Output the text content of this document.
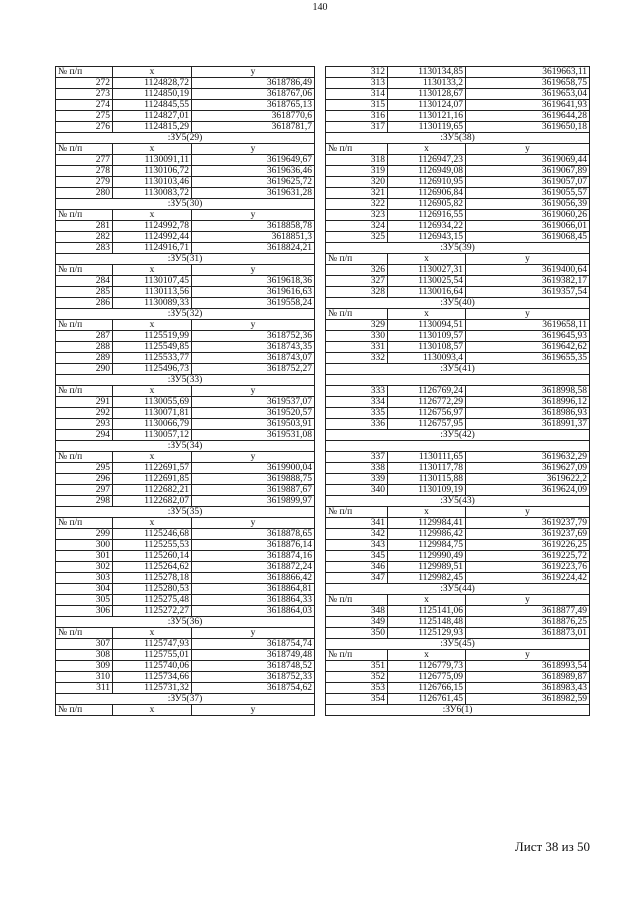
140
№ п/п	x	y
272	1124828,72	3618786,49
273	1124850,19	3618767,06
274	1124845,55	3618765,13
275	1124827,01	3618770,6
276	1124815,29	3618781,7
:ЗУ5(29)		
№ п/п	x	y
277	1130091,11	3619649,67
278	1130106,72	3619636,46
279	1130103,46	3619625,72
280	1130083,72	3619631,28
:ЗУ5(30)		
№ п/п	x	y
281	1124992,78	3618858,78
282	1124992,44	3618851,3
283	1124916,71	3618824,21
:ЗУ5(31)		
№ п/п	x	y
284	1130107,45	3619618,36
285	1130113,56	3619616,63
286	1130089,33	3619558,24
:ЗУ5(32)		
№ п/п	x	y
287	1125519,99	3618752,36
288	1125549,85	3618743,35
289	1125533,77	3618743,07
290	1125496,73	3618752,27
:ЗУ5(33)		
№ п/п	x	y
291	1130055,69	3619537,07
292	1130071,81	3619520,57
293	1130066,79	3619503,91
294	1130057,12	3619531,08
:ЗУ5(34)		
№ п/п	x	y
295	1122691,57	3619900,04
296	1122691,85	3619888,75
297	1122682,21	3619887,67
298	1122682,07	3619899,97
:ЗУ5(35)		
№ п/п	x	y
299	1125246,68	3618878,65
300	1125255,53	3618876,14
301	1125260,14	3618874,16
302	1125264,62	3618872,24
303	1125278,18	3618866,42
304	1125280,53	3618864,81
305	1125275,48	3618864,33
306	1125272,27	3618864,03
:ЗУ5(36)		
№ п/п	x	y
307	1125747,93	3618754,74
308	1125755,01	3618749,48
309	1125740,06	3618748,52
310	1125734,66	3618752,33
311	1125731,32	3618754,62
:ЗУ5(37)		
№ п/п	x	y
312	1130134,85	3619663,11
313	1130133,2	3619658,75
314	1130128,67	3619653,04
315	1130124,07	3619641,93
316	1130121,16	3619644,28
317	1130119,65	3619650,18
:ЗУ5(38)		
№ п/п	x	y
318	1126947,23	3619069,44
319	1126949,08	3619067,89
320	1126910,95	3619057,07
321	1126906,84	3619055,57
322	1126905,82	3619056,39
323	1126916,55	3619060,26
324	1126934,22	3619066,01
325	1126943,15	3619068,45
:ЗУ5(39)		
№ п/п	x	y
326	1130027,31	3619400,64
327	1130025,54	3619382,17
328	1130016,64	3619357,54
:ЗУ5(40)		
№ п/п	x	y
329	1130094,51	3619658,11
330	1130109,57	3619645,93
331	1130108,57	3619642,62
332	1130093,4	3619655,35
:ЗУ5(41)		

333	1126769,24	3618998,58
334	1126772,29	3618996,12
335	1126756,97	3618986,93
336	1126757,95	3618991,37
:ЗУ5(42)		

337	1130111,65	3619632,29
338	1130117,78	3619627,09
339	1130115,88	3619622,2
340	1130109,19	3619624,09
:ЗУ5(43)		
№ п/п	x	y
341	1129984,41	3619237,79
342	1129986,42	3619237,69
343	1129984,75	3619226,25
345	1129990,49	3619225,72
346	1129989,51	3619223,76
347	1129982,45	3619224,42
:ЗУ5(44)		
№ п/п	x	y
348	1125141,06	3618877,49
349	1125148,48	3618876,25
350	1125129,93	3618873,01
:ЗУ5(45)		
№ п/п	x	y
351	1126779,73	3618993,54
352	1126775,09	3618989,87
353	1126766,15	3618983,43
354	1126761,45	3618982,59
:ЗУ6(1)		
Лист 38 из 50
